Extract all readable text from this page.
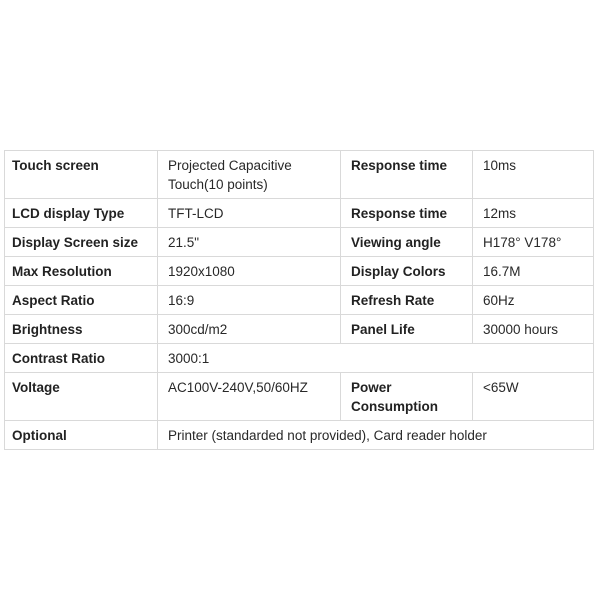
Touch screen	Projected Capacitive Touch(10 points)	Response time	10ms
LCD display Type	TFT-LCD	Response time	12ms
Display Screen size	21.5"	Viewing angle	H178° V178°
Max Resolution	1920x1080	Display Colors	16.7M
Aspect Ratio	16:9	Refresh Rate	60Hz
Brightness	300cd/m2	Panel Life	30000 hours
Contrast Ratio	3000:1		
Voltage	AC100V-240V,50/60HZ	Power Consumption	<65W
Optional	Printer (standarded not provided), Card reader holder		
